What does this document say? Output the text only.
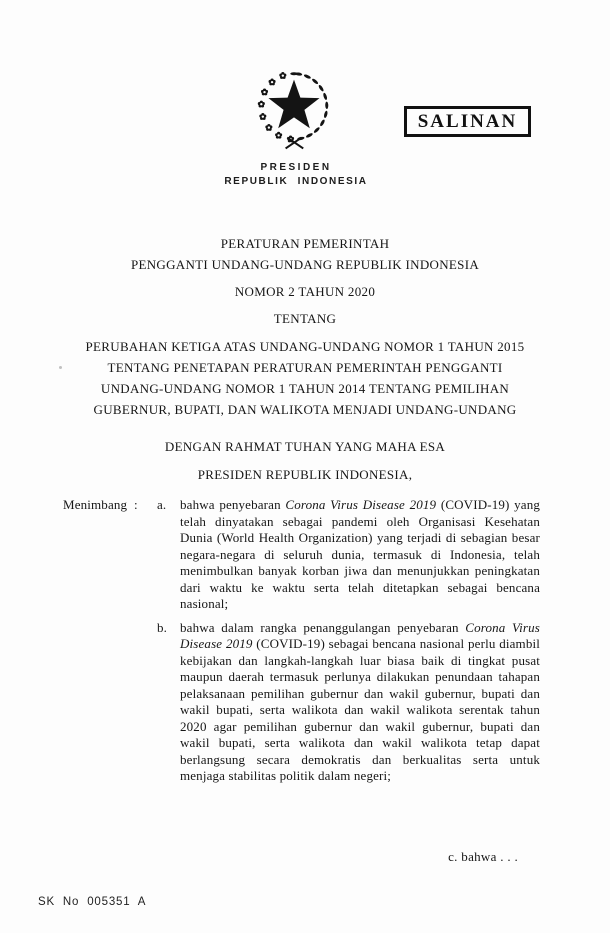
SALINAN
PRESIDEN
REPUBLIK INDONESIA
PERATURAN PEMERINTAH
PENGGANTI UNDANG-UNDANG REPUBLIK INDONESIA
NOMOR 2 TAHUN 2020
TENTANG
PERUBAHAN KETIGA ATAS UNDANG-UNDANG NOMOR 1 TAHUN 2015
TENTANG PENETAPAN PERATURAN PEMERINTAH PENGGANTI
UNDANG-UNDANG NOMOR 1 TAHUN 2014 TENTANG PEMILIHAN
GUBERNUR, BUPATI, DAN WALIKOTA MENJADI UNDANG-UNDANG
DENGAN RAHMAT TUHAN YANG MAHA ESA
PRESIDEN REPUBLIK INDONESIA,
Menimbang : a. bahwa penyebaran Corona Virus Disease 2019 (COVID-19) yang telah dinyatakan sebagai pandemi oleh Organisasi Kesehatan Dunia (World Health Organization) yang terjadi di sebagian besar negara-negara di seluruh dunia, termasuk di Indonesia, telah menimbulkan banyak korban jiwa dan menunjukkan peningkatan dari waktu ke waktu serta telah ditetapkan sebagai bencana nasional;
b. bahwa dalam rangka penanggulangan penyebaran Corona Virus Disease 2019 (COVID-19) sebagai bencana nasional perlu diambil kebijakan dan langkah-langkah luar biasa baik di tingkat pusat maupun daerah termasuk perlunya dilakukan penundaan tahapan pelaksanaan pemilihan gubernur dan wakil gubernur, bupati dan wakil bupati, serta walikota dan wakil walikota serentak tahun 2020 agar pemilihan gubernur dan wakil gubernur, bupati dan wakil bupati, serta walikota dan wakil walikota tetap dapat berlangsung secara demokratis dan berkualitas serta untuk menjaga stabilitas politik dalam negeri;
c. bahwa . . .
SK No 005351 A
